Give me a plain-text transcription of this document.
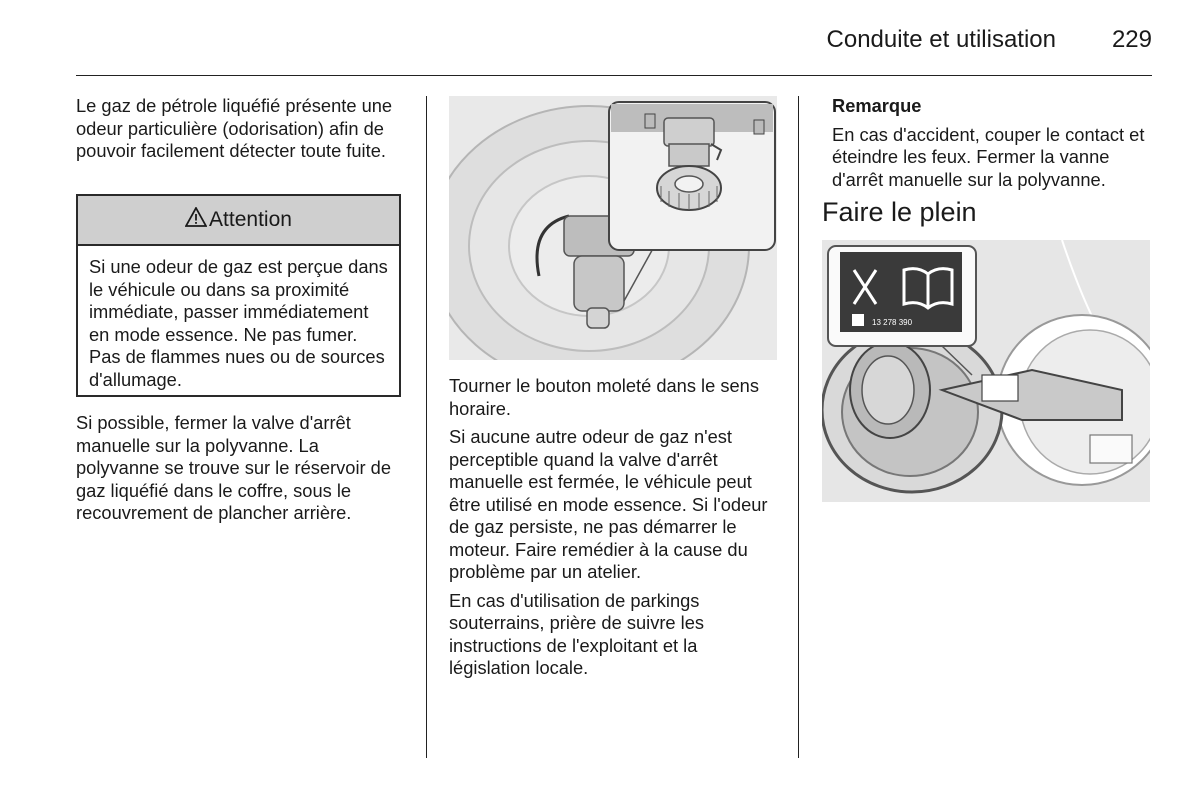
Conduite et utilisation	229

Le gaz de pétrole liquéfié présente une odeur particulière (odorisation) afin de pouvoir facilement détecter toute fuite.

Attention
Si une odeur de gaz est perçue dans le véhicule ou dans sa proximité immédiate, passer immédiatement en mode essence. Ne pas fumer. Pas de flammes nues ou de sources d'allumage.

Si possible, fermer la valve d'arrêt manuelle sur la polyvanne. La polyvanne se trouve sur le réservoir de gaz liquéfié dans le coffre, sous le recouvrement de plancher arrière.

Tourner le bouton moleté dans le sens horaire.

Si aucune autre odeur de gaz n'est perceptible quand la valve d'arrêt manuelle est fermée, le véhicule peut être utilisé en mode essence. Si l'odeur de gaz persiste, ne pas démarrer le moteur. Faire remédier à la cause du problème par un atelier.

En cas d'utilisation de parkings souterrains, prière de suivre les instructions de l'exploitant et la législation locale.

Remarque

En cas d'accident, couper le contact et éteindre les feux. Fermer la vanne d'arrêt manuelle sur la polyvanne.

Faire le plein
13 278 390
